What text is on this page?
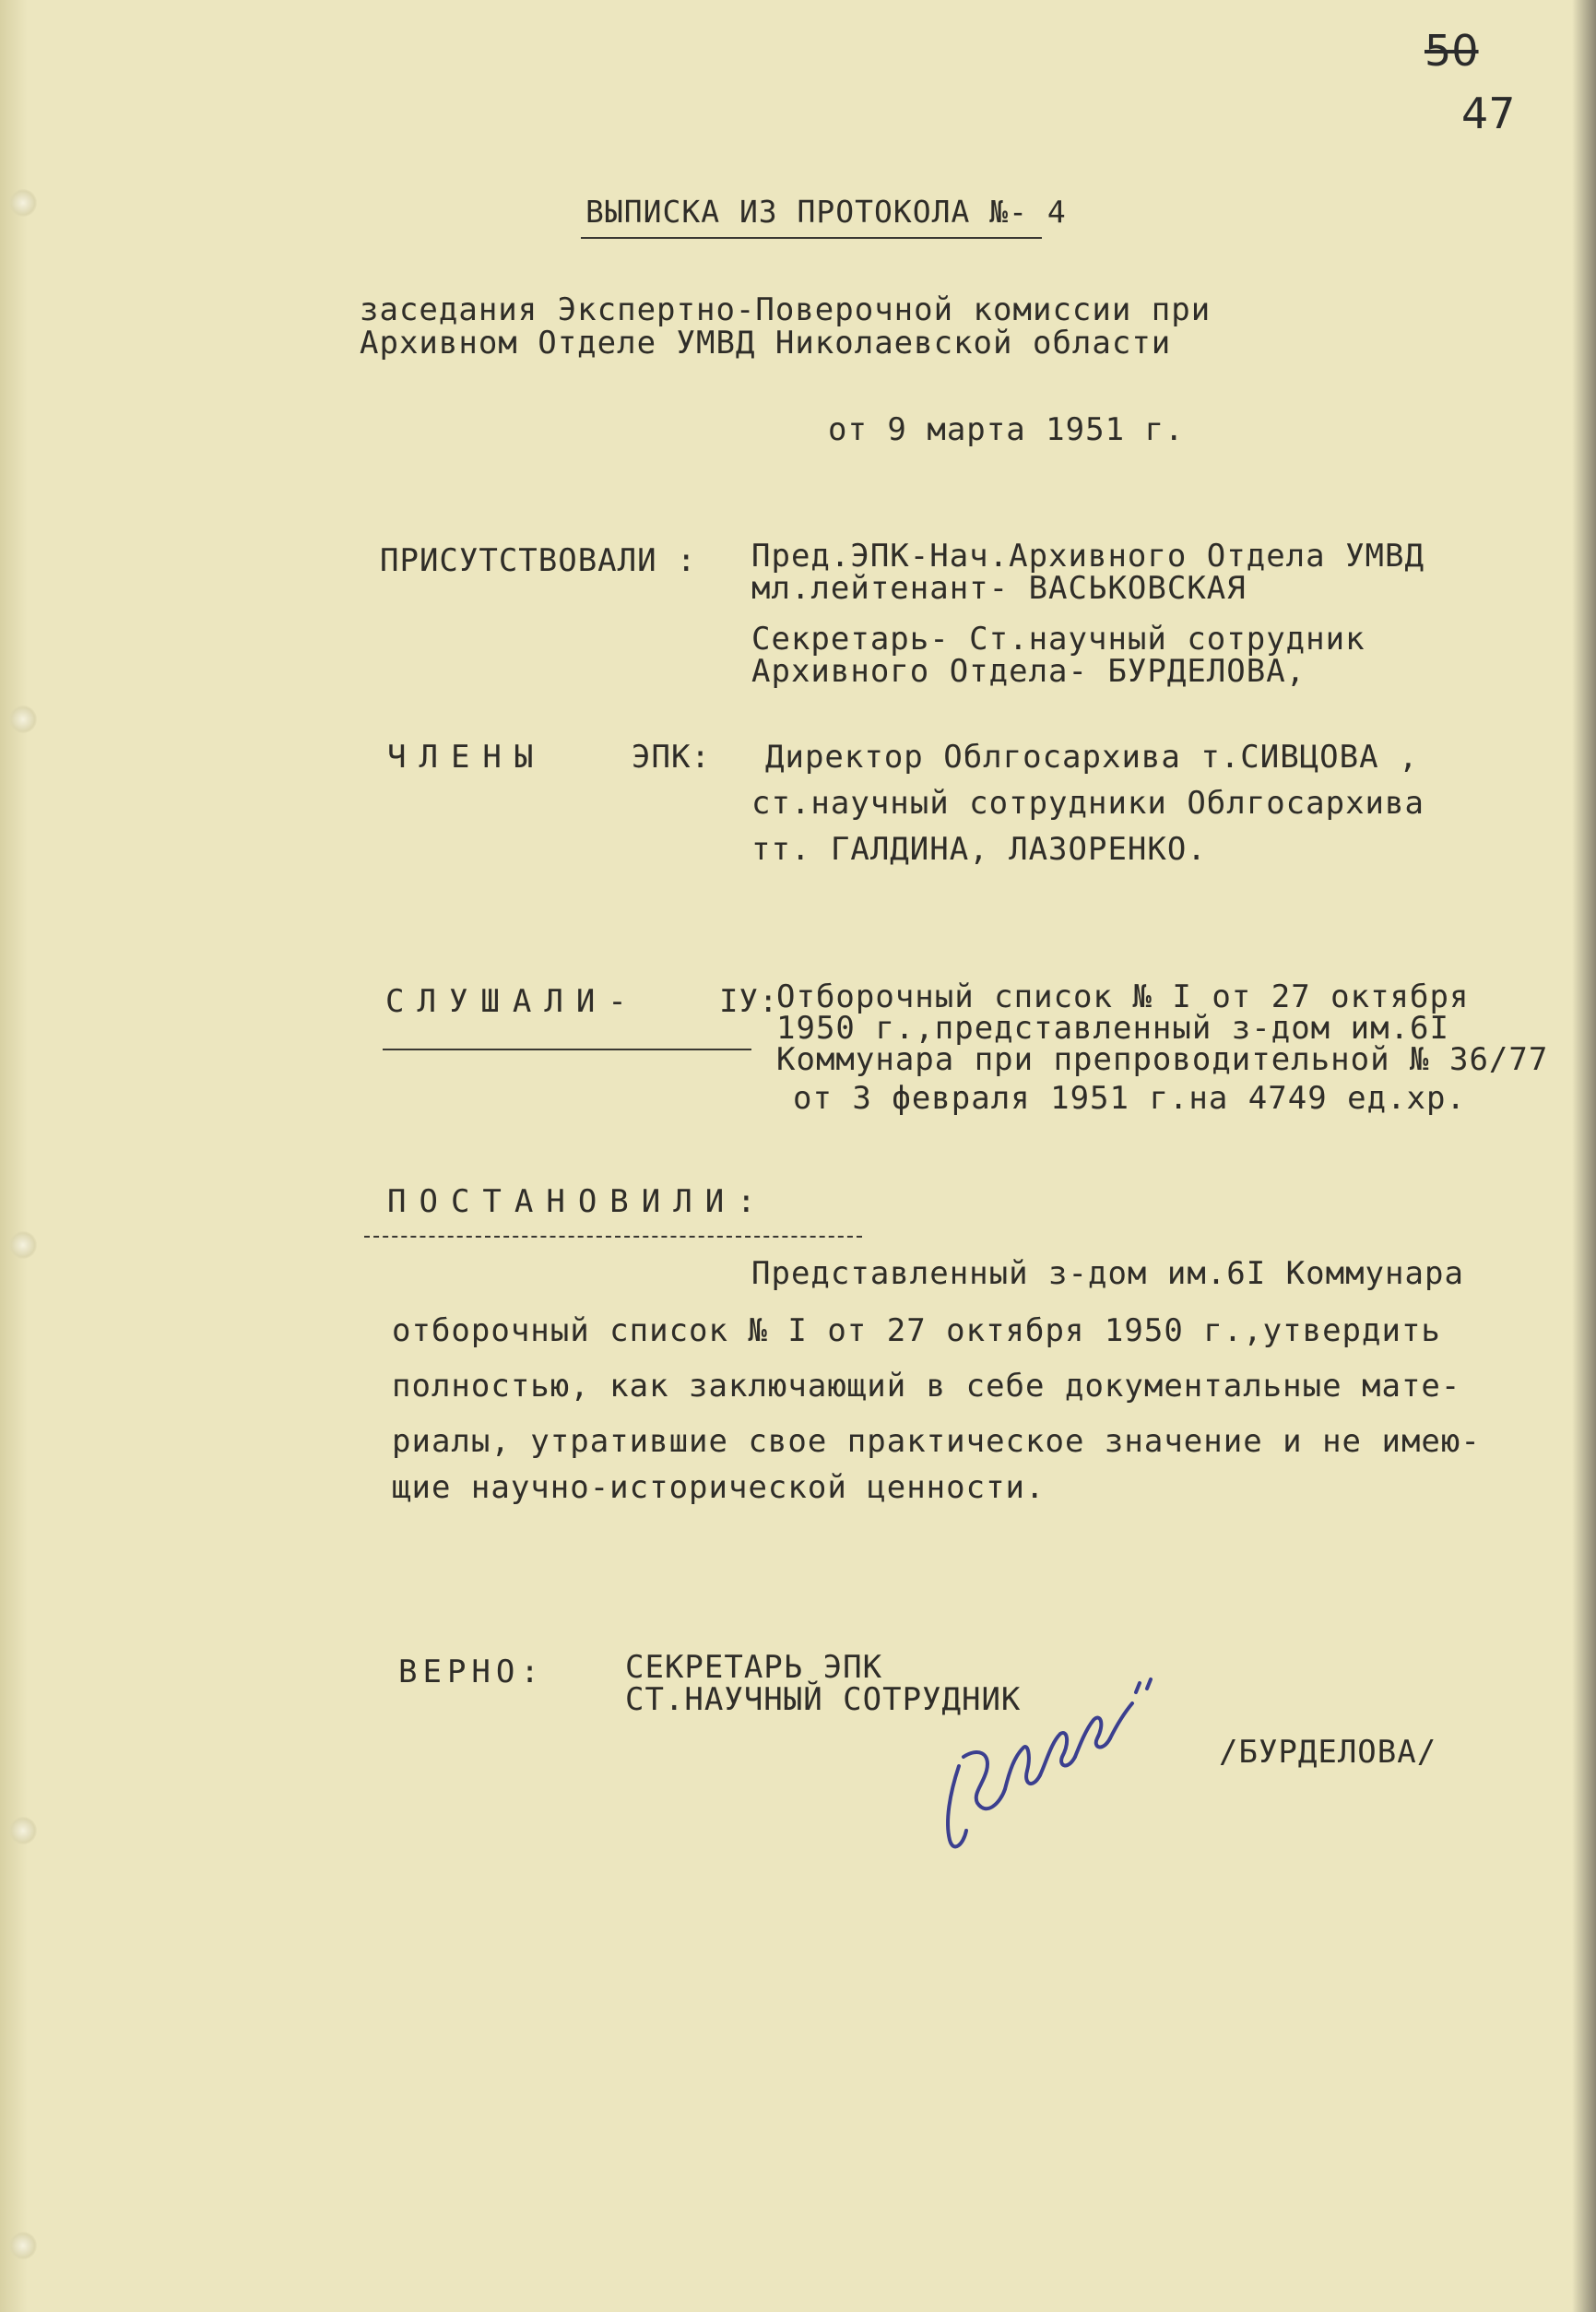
50
47
ВЫПИСКА ИЗ ПРОТОКОЛА №- 4
заседания Экспертно-Поверочной комиссии при
Архивном Отделе УМВД Николаевской области
от 9 марта 1951 г.
ПРИСУТСТВОВАЛИ : Пред.ЭПК-Нач.Архивного Отдела УМВД
мл.лейтенант- ВАСЬКОВСКАЯ
Секретарь- Ст.научный сотрудник
Архивного Отдела- БУРДЕЛОВА,
ЧЛЕНЫ	ЭПК: Директор Облгосархива т.СИВЦОВА ,
ст.научный сотрудники Облгосархива
тт. ГАЛДИНА, ЛАЗОРЕНКО.
СЛУШАЛИ-	IУ:
Отборочный список № I от 27 октября
1950 г.,представленный з-дом им.6I
Коммунара при препроводительной № 36/77
от 3 февраля 1951 г.на 4749 ед.хр.
ПОСТАНОВИЛИ:
Представленный з-дом им.6I Коммунара
отборочный список № I от 27 октября 1950 г.,утвердить
полностью, как заключающий в себе документальные мате-
риалы, утратившие свое практическое значение и не имею-
щие научно-исторической ценности.
ВЕРНО:	СЕКРЕТАРЬ ЭПК
СТ.НАУЧНЫЙ СОТРУДНИК
/БУРДЕЛОВА/
